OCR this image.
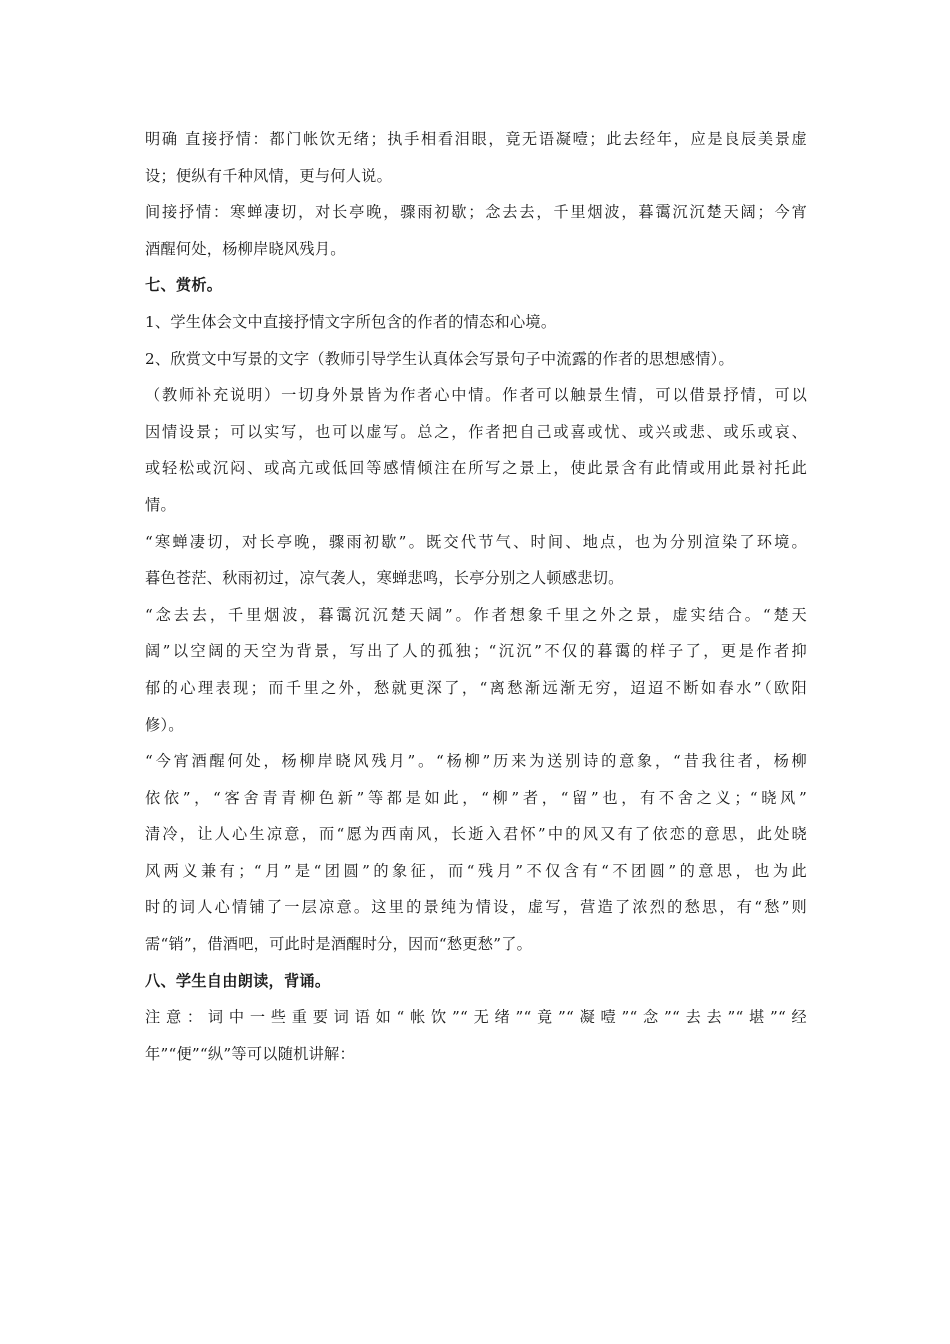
明确 直接抒情：都门帐饮无绪；执手相看泪眼，竟无语凝噎；此去经年，应是良辰美景虚
设；便纵有千种风情，更与何人说。
间接抒情：寒蝉凄切，对长亭晚，骤雨初歇；念去去，千里烟波，暮霭沉沉楚天阔；今宵
酒醒何处，杨柳岸晓风残月。
七、赏析。
1、学生体会文中直接抒情文字所包含的作者的情态和心境。
2、欣赏文中写景的文字（教师引导学生认真体会写景句子中流露的作者的思想感情）。
（教师补充说明）一切身外景皆为作者心中情。作者可以触景生情，可以借景抒情，可以
因情设景；可以实写，也可以虚写。总之，作者把自己或喜或忧、或兴或悲、或乐或哀、
或轻松或沉闷、或高亢或低回等感情倾注在所写之景上，使此景含有此情或用此景衬托此
情。
“寒蝉凄切，对长亭晚，骤雨初歇”。既交代节气、时间、地点，也为分别渲染了环境。
暮色苍茫、秋雨初过，凉气袭人，寒蝉悲鸣，长亭分别之人顿感悲切。
“念去去，千里烟波，暮霭沉沉楚天阔”。作者想象千里之外之景，虚实结合。“楚天
阔”以空阔的天空为背景，写出了人的孤独；“沉沉”不仅的暮霭的样子了，更是作者抑
郁的心理表现；而千里之外，愁就更深了，“离愁渐远渐无穷，迢迢不断如春水”（欧阳
修）。
“今宵酒醒何处，杨柳岸晓风残月”。“杨柳”历来为送别诗的意象，“昔我往者，杨柳
依依”，“客舍青青柳色新”等都是如此，“柳”者，“留”也，有不舍之义；“晓风”
清冷，让人心生凉意，而“愿为西南风，长逝入君怀”中的风又有了依恋的意思，此处晓
风两义兼有；“月”是“团圆”的象征，而“残月”不仅含有“不团圆”的意思，也为此
时的词人心情铺了一层凉意。这里的景纯为情设，虚写，营造了浓烈的愁思，有“愁”则
需“销”，借酒吧，可此时是酒醒时分，因而“愁更愁”了。
八、学生自由朗读，背诵。
注意：词中一些重要词语如“帐饮”“无绪”“竟”“凝噎”“念”“去去”“堪”“经
年”“便”“纵”等可以随机讲解：
